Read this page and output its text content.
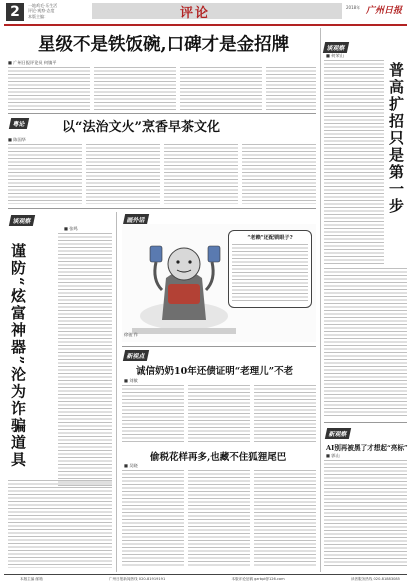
2	一地鸡毛·乐生活
评论·观察·态度
本版主编：	评论	2018年 广州日报
星级不是铁饭碗,口碑才是金招牌
■ 广州日报评论员 何镇平
粤论	以“法治文火”烹香早茶文化
■ 陈国华
谈观察
谨防“炫富神器”沦为诈骗道具
■ 张鸣
画外话
“老赖”还配锁眼子?
徐骏 作
新视点
诚信奶奶10年还债证明“老理儿”不老
■ 刘敏
偷税花样再多,也藏不住狐狸尾巴
■ 吴晓
谈观察
■ 何荣山
普高扩招只是第一步
新观察
AI别再被黑了才想起“亮标”
■ 郭山
本版主编 邮箱	广州日报新闻热线 020-81919191	本版评论征稿 gzrbpl@126.com	读者服务热线 020-81883085
